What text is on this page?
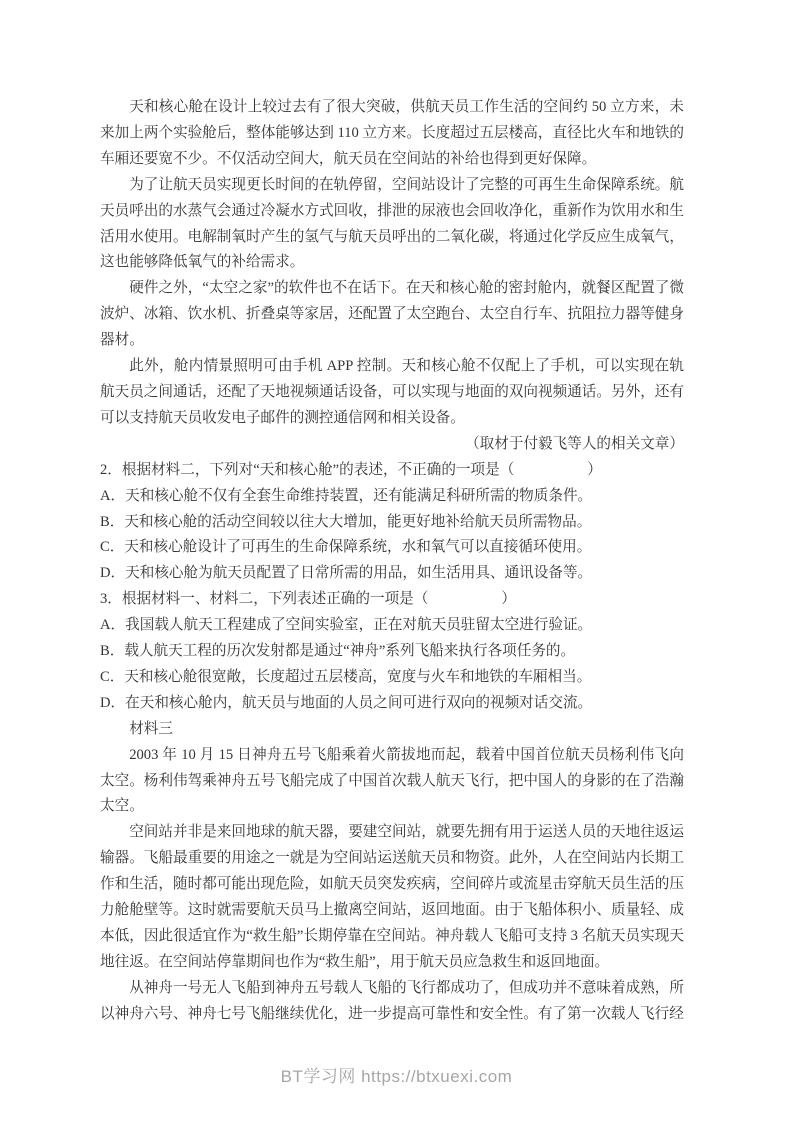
天和核心舱在设计上较过去有了很大突破，供航天员工作生活的空间约 50 立方来，未来加上两个实验舱后，整体能够达到 110 立方来。长度超过五层楼高，直径比火车和地铁的车厢还要宽不少。不仅活动空间大，航天员在空间站的补给也得到更好保障。

为了让航天员实现更长时间的在轨停留，空间站设计了完整的可再生生命保障系统。航天员呼出的水蒸气会通过冷凝水方式回收，排泄的尿液也会回收净化，重新作为饮用水和生活用水使用。电解制氧时产生的氢气与航天员呼出的二氧化碳，将通过化学反应生成氧气，这也能够降低氧气的补给需求。

硬件之外，“太空之家”的软件也不在话下。在天和核心舱的密封舱内，就餐区配置了微波炉、冰箱、饮水机、折叠桌等家居，还配置了太空跑台、太空自行车、抗阻拉力器等健身器材。

此外，舱内情景照明可由手机 APP 控制。天和核心舱不仅配上了手机，可以实现在轨航天员之间通话，还配了天地视频通话设备，可以实现与地面的双向视频通话。另外，还有可以支持航天员收发电子邮件的测控通信网和相关设备。

（取材于付毅飞等人的相关文章）

2．根据材料二，下列对“天和核心舱”的表述，不正确的一项是（　　　　　）

A．天和核心舱不仅有全套生命维持装置，还有能满足科研所需的物质条件。

B．天和核心舱的活动空间较以往大大增加，能更好地补给航天员所需物品。

C．天和核心舱设计了可再生的生命保障系统，水和氧气可以直接循环使用。

D．天和核心舱为航天员配置了日常所需的用品，如生活用具、通讯设备等。

3．根据材料一、材料二，下列表述正确的一项是（　　　　　）

A．我国载人航天工程建成了空间实验室，正在对航天员驻留太空进行验证。

B．载人航天工程的历次发射都是通过“神舟”系列飞船来执行各项任务的。

C．天和核心舱很宽敞，长度超过五层楼高，宽度与火车和地铁的车厢相当。

D．在天和核心舱内，航天员与地面的人员之间可进行双向的视频对话交流。

材料三

2003 年 10 月 15 日神舟五号飞船乘着火箭拔地而起，载着中国首位航天员杨利伟飞向太空。杨利伟驾乘神舟五号飞船完成了中国首次载人航天飞行，把中国人的身影的在了浩瀚太空。

空间站并非是来回地球的航天器，要建空间站，就要先拥有用于运送人员的天地往返运输器。飞船最重要的用途之一就是为空间站运送航天员和物资。此外，人在空间站内长期工作和生活，随时都可能出现危险，如航天员突发疾病，空间碎片或流星击穿航天员生活的压力舱舱壁等。这时就需要航天员马上撤离空间站，返回地面。由于飞船体积小、质量轻、成本低，因此很适宜作为“救生船”长期停靠在空间站。神舟载人飞船可支持 3 名航天员实现天地往返。在空间站停靠期间也作为“救生船”，用于航天员应急救生和返回地面。

从神舟一号无人飞船到神舟五号载人飞船的飞行都成功了，但成功并不意味着成熟，所以神舟六号、神舟七号飞船继续优化，进一步提高可靠性和安全性。有了第一次载人飞行经

BT学习网 https://btxuexi.com
